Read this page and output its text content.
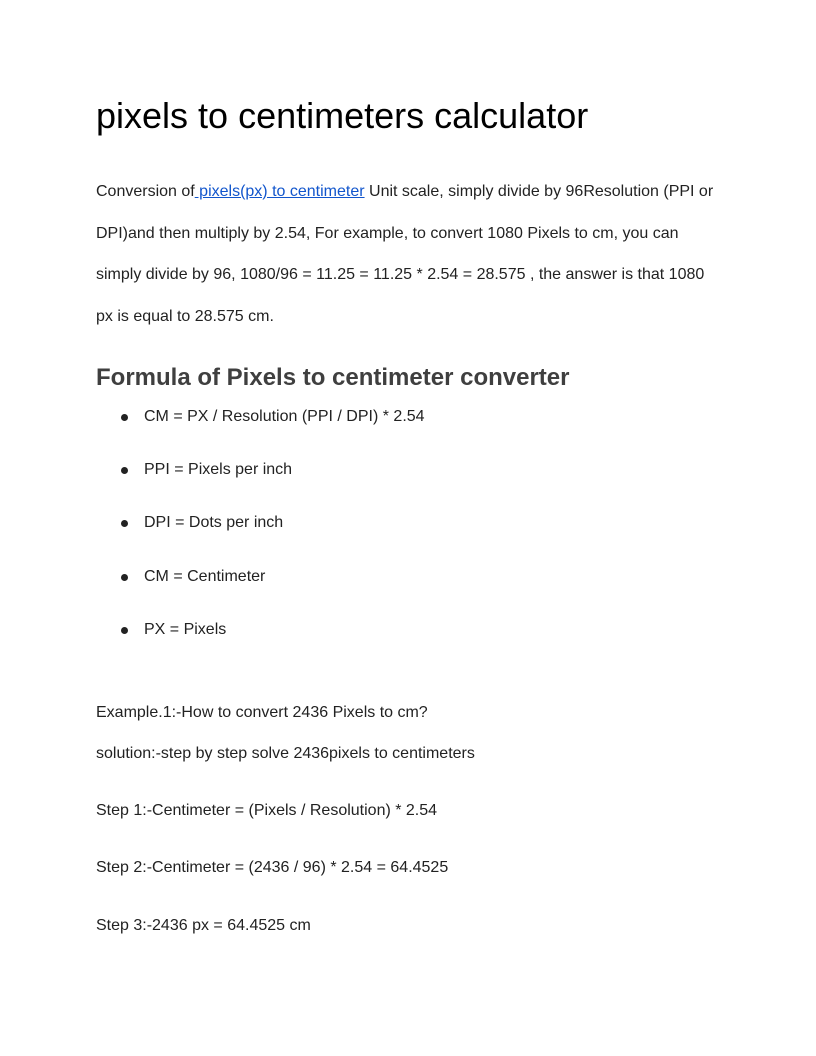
pixels to centimeters calculator

Conversion of pixels(px) to centimeter Unit scale, simply divide by 96Resolution (PPI or DPI)and then multiply by 2.54, For example, to convert 1080 Pixels to cm, you can simply divide by 96, 1080/96 = 11.25 = 11.25 * 2.54 = 28.575 , the answer is that 1080 px is equal to 28.575 cm.

Formula of Pixels to centimeter converter
CM = PX / Resolution (PPI / DPI) * 2.54
PPI = Pixels per inch
DPI = Dots per inch
CM = Centimeter
PX = Pixels

Example.1:-How to convert 2436 Pixels to cm?

solution:-step by step solve 2436pixels to centimeters

Step 1:-Centimeter = (Pixels / Resolution) * 2.54

Step 2:-Centimeter = (2436 / 96) * 2.54 = 64.4525

Step 3:-2436 px = 64.4525 cm
